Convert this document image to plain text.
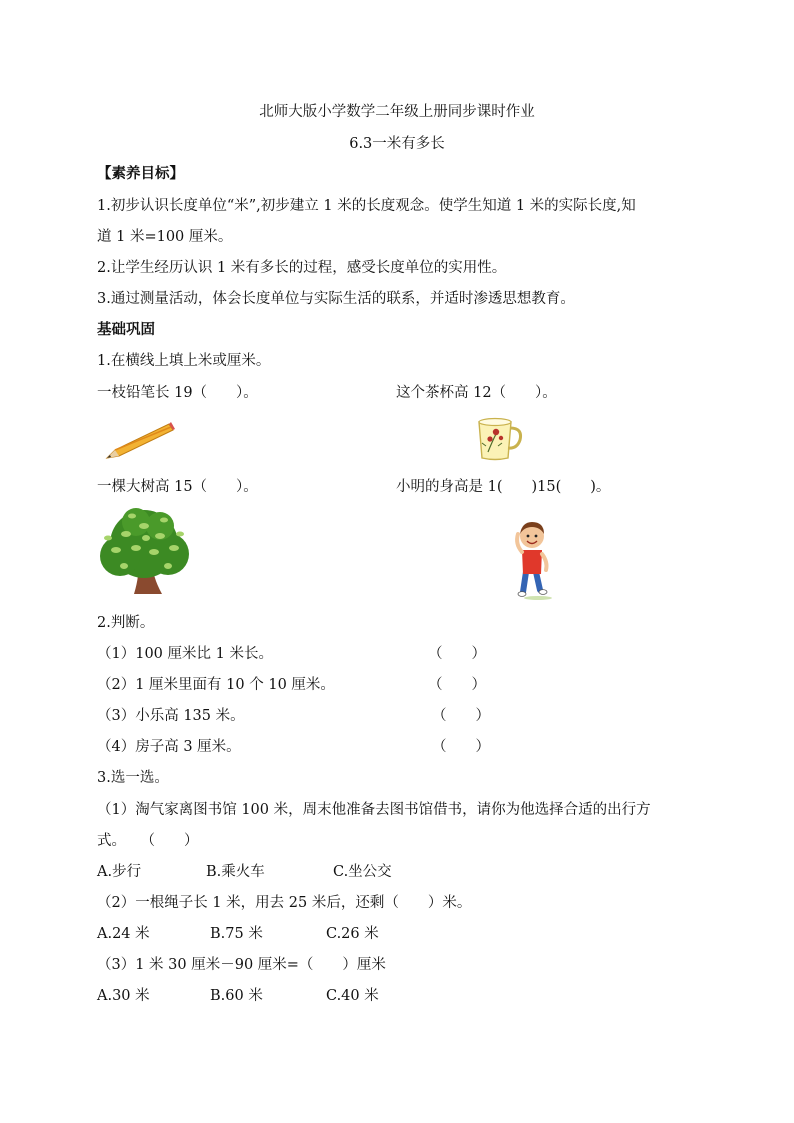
北师大版小学数学二年级上册同步课时作业
6.3一米有多长
【素养目标】
1.初步认识长度单位“米”,初步建立 1 米的长度观念。使学生知道 1 米的实际长度,知
道 1 米=100 厘米。
2.让学生经历认识 1 米有多长的过程，感受长度单位的实用性。
3.通过测量活动，体会长度单位与实际生活的联系，并适时渗透思想教育。
基础巩固
1.在横线上填上米或厘米。
一枝铅笔长 19（　　）。	这个茶杯高 12（　　）。
一棵大树高 15（　　）。	小明的身高是 1(　　)15(　　)。
2.判断。
（1）100 厘米比 1 米长。	（　　）
（2）1 厘米里面有 10 个 10 厘米。	（　　）
（3）小乐高 135 米。	（　　）
（4）房子高 3 厘米。	（　　）
3.选一选。
（1）淘气家离图书馆 100 米，周末他准备去图书馆借书，请你为他选择合适的出行方
式。　　（　　）
A.步行	B.乘火车	C.坐公交
（2）一根绳子长 1 米，用去 25 米后，还剩（　　）米。
A.24 米	B.75 米	C.26 米
（3）1 米 30 厘米－90 厘米=（　　）厘米
A.30 米	B.60 米	C.40 米
